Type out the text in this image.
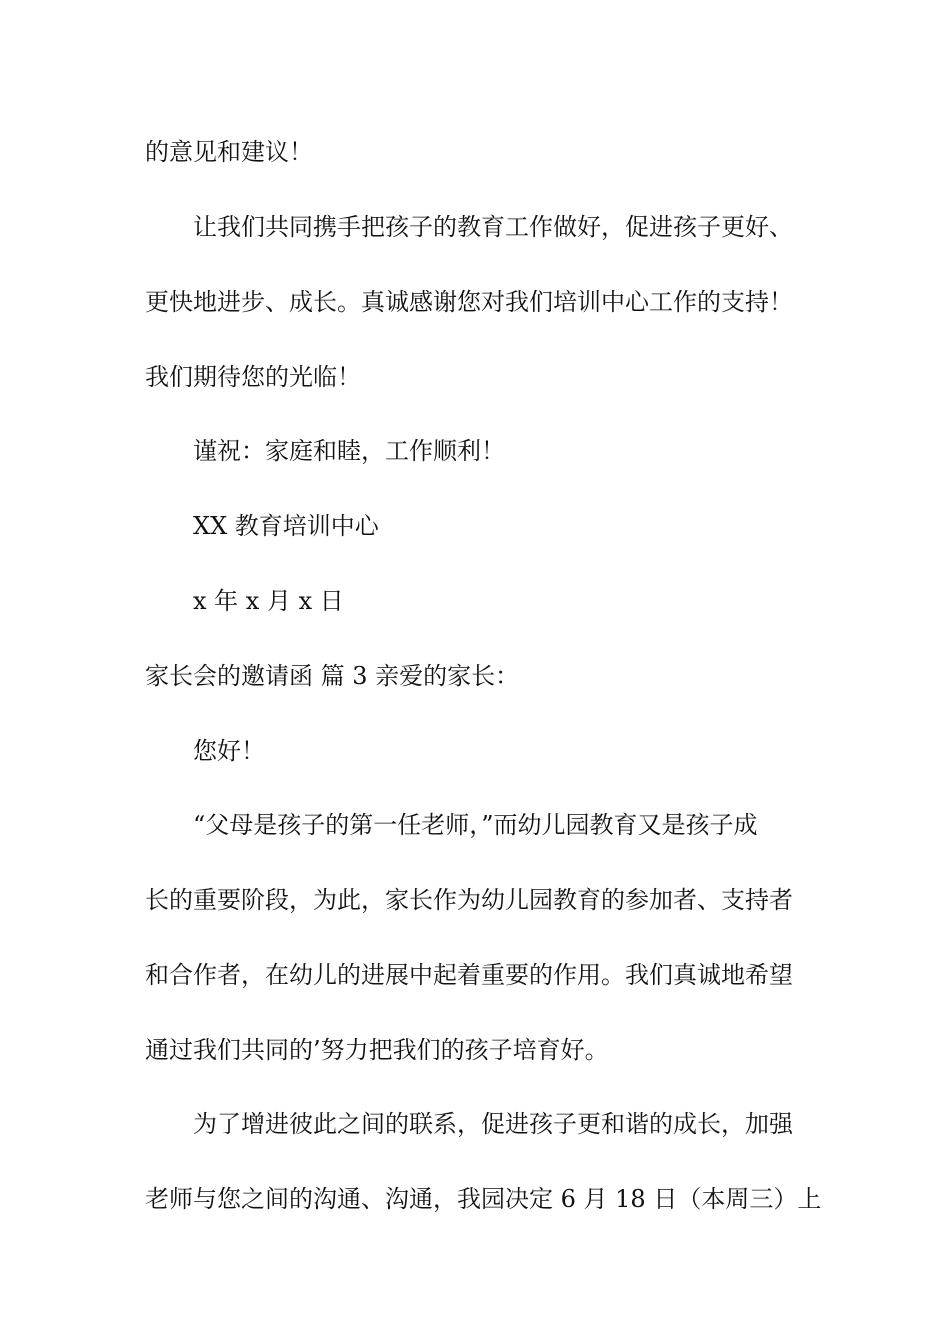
的意见和建议！

让我们共同携手把孩子的教育工作做好，促进孩子更好、

更快地进步、成长。真诚感谢您对我们培训中心工作的支持！

我们期待您的光临！

谨祝：家庭和睦，工作顺利！

XX 教育培训中心

x 年 x 月 x 日

家长会的邀请函 篇 3 亲爱的家长：

您好！

“父母是孩子的第一任老师，”而幼儿园教育又是孩子成

长的重要阶段，为此，家长作为幼儿园教育的参加者、支持者

和合作者，在幼儿的进展中起着重要的作用。我们真诚地希望

通过我们共同的’努力把我们的孩子培育好。

为了增进彼此之间的联系，促进孩子更和谐的成长，加强

老师与您之间的沟通、沟通，我园决定 6 月 18 日（本周三）上
